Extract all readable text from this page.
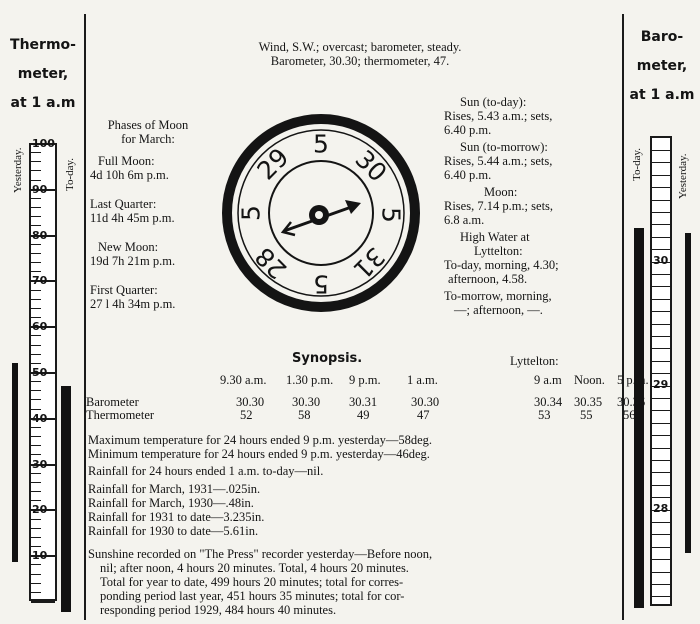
Thermo-
meter,
at 1 a.m
Yesterday.	To-day.
Baro-
meter,
at 1 a.m
To-day.	Yesterday.
30
29
28
Wind, S.W.; overcast; barometer, steady.
Barometer, 30.30; thermometer, 47.
Phases of Moon
for March:
Full Moon:
4d 10h 6m p.m.
Last Quarter:
11d 4h 45m p.m.
New Moon:
19d 7h 21m p.m.
First Quarter:
27 l 4h 34m p.m.
5
30
5
31
5
28
5
29
Sun (to-day):
Rises, 5.43 a.m.; sets,
6.40 p.m.
Sun (to-morrow):
Rises, 5.44 a.m.; sets,
6.40 p.m.
Moon:
Rises, 7.14 p.m.; sets,
6.8 a.m.
High Water at
Lyttelton:
To-day, morning, 4.30;
afternoon, 4.58.
To-morrow, morning,
—; afternoon, —.
Synopsis.	Lyttelton:
	9.30 a.m.	1.30 p.m.	9 p.m.	1 a.m.	9 a.m	Noon.	5 p.m.

Barometer	30.30	30.30	30.31	30.30	30.34	30.35	30.36
Thermometer	52	58	49	47	53	55	56
Maximum temperature for 24 hours ended 9 p.m. yesterday—58deg.
Minimum temperature for 24 hours ended 9 p.m. yesterday—46deg.
Rainfall for 24 hours ended 1 a.m. to-day—nil.
Rainfall for March, 1931—.025in.
Rainfall for March, 1930—.48in.
Rainfall for 1931 to date—3.235in.
Rainfall for 1930 to date—5.61in.
Sunshine recorded on "The Press" recorder yesterday—Before noon,
nil; after noon, 4 hours 20 minutes. Total, 4 hours 20 minutes.
Total for year to date, 499 hours 20 minutes; total for corres-
ponding period last year, 451 hours 35 minutes; total for cor-
responding period 1929, 484 hours 40 minutes.
100
90
80
70
60
50
40
30
20
10
